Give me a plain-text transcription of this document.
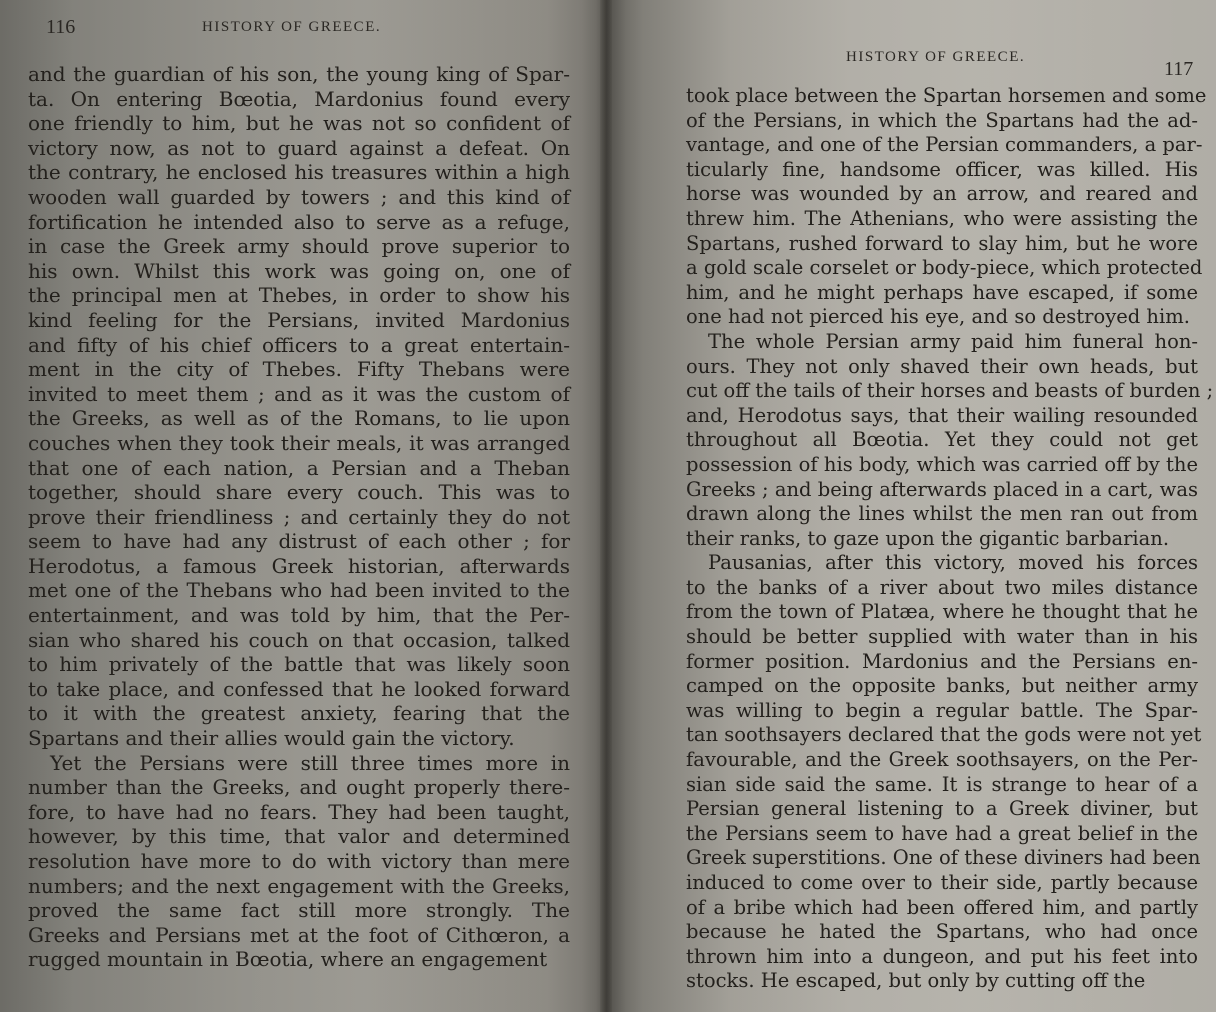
116	HISTORY OF GREECE.
and the guardian of his son, the young king of Spar-
ta. On entering Bœotia, Mardonius found every
one friendly to him, but he was not so confident of
victory now, as not to guard against a defeat. On
the contrary, he enclosed his treasures within a high
wooden wall guarded by towers ; and this kind of
fortification he intended also to serve as a refuge,
in case the Greek army should prove superior to
his own. Whilst this work was going on, one of
the principal men at Thebes, in order to show his
kind feeling for the Persians, invited Mardonius
and fifty of his chief officers to a great entertain-
ment in the city of Thebes. Fifty Thebans were
invited to meet them ; and as it was the custom of
the Greeks, as well as of the Romans, to lie upon
couches when they took their meals, it was arranged
that one of each nation, a Persian and a Theban
together, should share every couch. This was to
prove their friendliness ; and certainly they do not
seem to have had any distrust of each other ; for
Herodotus, a famous Greek historian, afterwards
met one of the Thebans who had been invited to the
entertainment, and was told by him, that the Per-
sian who shared his couch on that occasion, talked
to him privately of the battle that was likely soon
to take place, and confessed that he looked forward
to it with the greatest anxiety, fearing that the
Spartans and their allies would gain the victory.
Yet the Persians were still three times more in
number than the Greeks, and ought properly there-
fore, to have had no fears. They had been taught,
however, by this time, that valor and determined
resolution have more to do with victory than mere
numbers; and the next engagement with the Greeks,
proved the same fact still more strongly. The
Greeks and Persians met at the foot of Cithœron, a
rugged mountain in Bœotia, where an engagement
HISTORY OF GREECE.
117
took place between the Spartan horsemen and some
of the Persians, in which the Spartans had the ad-
vantage, and one of the Persian commanders, a par-
ticularly fine, handsome officer, was killed. His
horse was wounded by an arrow, and reared and
threw him. The Athenians, who were assisting the
Spartans, rushed forward to slay him, but he wore
a gold scale corselet or body-piece, which protected
him, and he might perhaps have escaped, if some
one had not pierced his eye, and so destroyed him.
The whole Persian army paid him funeral hon-
ours. They not only shaved their own heads, but
cut off the tails of their horses and beasts of burden ;
and, Herodotus says, that their wailing resounded
throughout all Bœotia. Yet they could not get
possession of his body, which was carried off by the
Greeks ; and being afterwards placed in a cart, was
drawn along the lines whilst the men ran out from
their ranks, to gaze upon the gigantic barbarian.
Pausanias, after this victory, moved his forces
to the banks of a river about two miles distance
from the town of Platæa, where he thought that he
should be better supplied with water than in his
former position. Mardonius and the Persians en-
camped on the opposite banks, but neither army
was willing to begin a regular battle. The Spar-
tan soothsayers declared that the gods were not yet
favourable, and the Greek soothsayers, on the Per-
sian side said the same. It is strange to hear of a
Persian general listening to a Greek diviner, but
the Persians seem to have had a great belief in the
Greek superstitions. One of these diviners had been
induced to come over to their side, partly because
of a bribe which had been offered him, and partly
because he hated the Spartans, who had once
thrown him into a dungeon, and put his feet into
stocks. He escaped, but only by cutting off the
